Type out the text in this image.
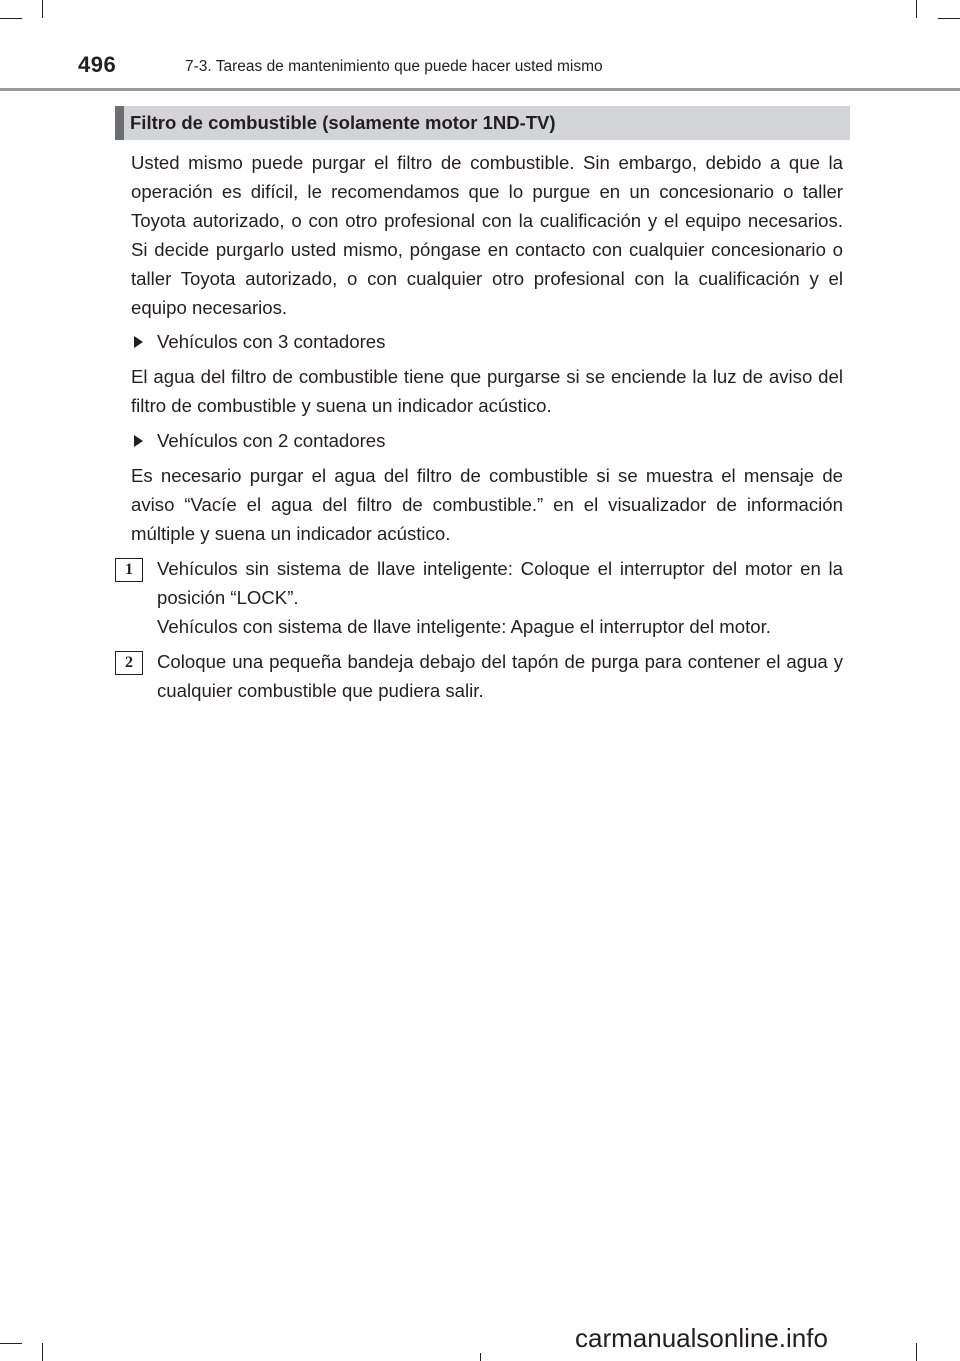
496	7-3. Tareas de mantenimiento que puede hacer usted mismo
Filtro de combustible (solamente motor 1ND-TV)

Usted mismo puede purgar el filtro de combustible. Sin embargo, debido a que la operación es difícil, le recomendamos que lo purgue en un concesionario o taller Toyota autorizado, o con otro profesional con la cualificación y el equipo necesarios. Si decide purgarlo usted mismo, póngase en contacto con cualquier concesionario o taller Toyota autorizado, o con cualquier otro profesional con la cualificación y el equipo necesarios.

Vehículos con 3 contadores

El agua del filtro de combustible tiene que purgarse si se enciende la luz de aviso del filtro de combustible y suena un indicador acústico.

Vehículos con 2 contadores

Es necesario purgar el agua del filtro de combustible si se muestra el mensaje de aviso “Vacíe el agua del filtro de combustible.” en el visualizador de información múltiple y suena un indicador acústico.

1	Vehículos sin sistema de llave inteligente: Coloque el interruptor del motor en la posición “LOCK”.
Vehículos con sistema de llave inteligente: Apague el interruptor del motor.

2	Coloque una pequeña bandeja debajo del tapón de purga para contener el agua y cualquier combustible que pudiera salir.

carmanualsonline.info
